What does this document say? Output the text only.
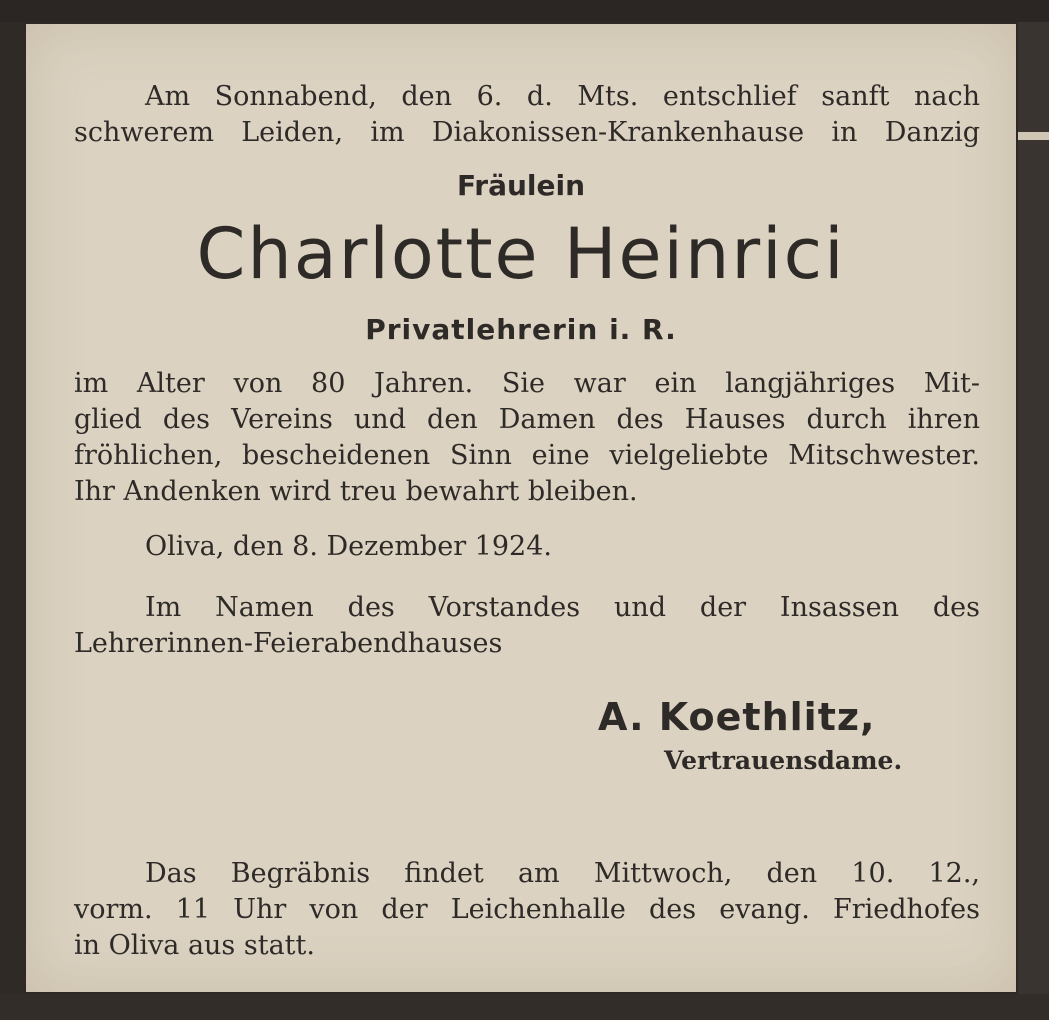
Am Sonnabend, den 6. d. Mts. entschlief sanft nach

schwerem Leiden, im Diakonissen-Krankenhause in Danzig

Fräulein

Charlotte Heinrici

Privatlehrerin i. R.

im Alter von 80 Jahren. Sie war ein langjähriges Mit-

glied des Vereins und den Damen des Hauses durch ihren

fröhlichen, bescheidenen Sinn eine vielgeliebte Mitschwester.

Ihr Andenken wird treu bewahrt bleiben.

Oliva, den 8. Dezember 1924.

Im Namen des Vorstandes und der Insassen des

Lehrerinnen-Feierabendhauses

A. Koethlitz,

Vertrauensdame.

Das Begräbnis findet am Mittwoch, den 10. 12.,

vorm. 11 Uhr von der Leichenhalle des evang. Friedhofes

in Oliva aus statt.
